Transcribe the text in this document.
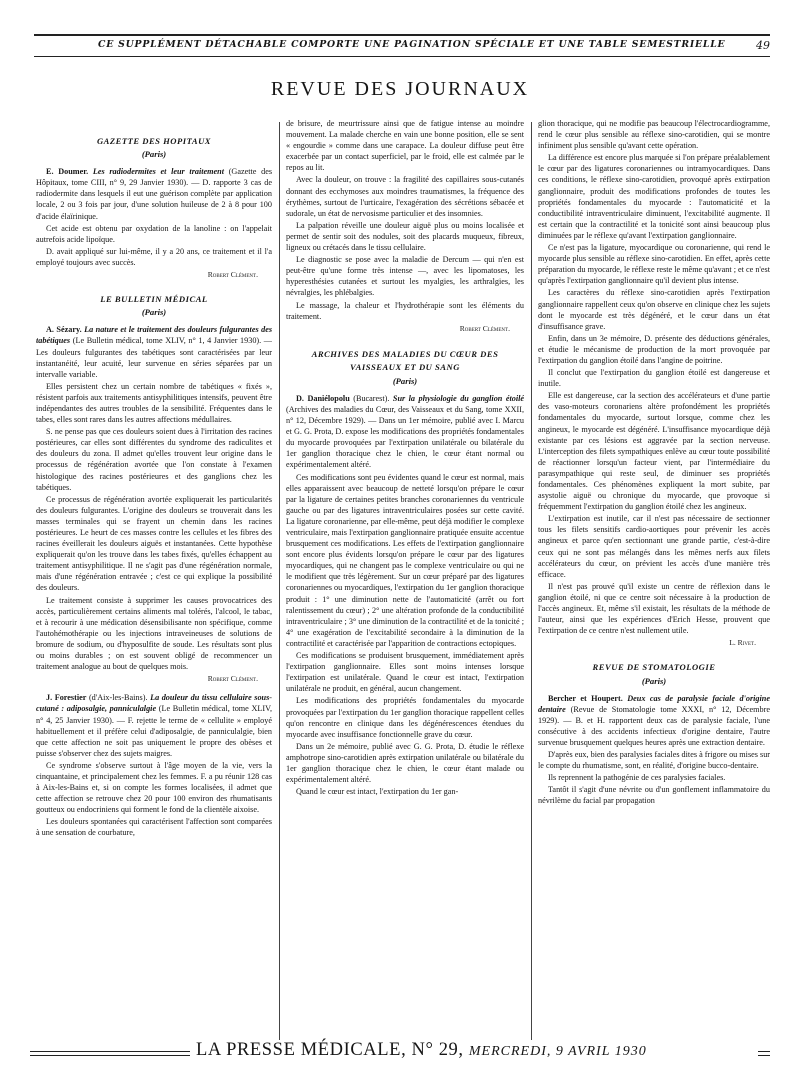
CE SUPPLÉMENT DÉTACHABLE COMPORTE UNE PAGINATION SPÉCIALE ET UNE TABLE SEMESTRIELLE	49
REVUE DES JOURNAUX
GAZETTE DES HOPITAUX
(Paris)

E. Doumer. Les radiodermites et leur traitement (Gazette des Hôpitaux, tome CIII, n° 9, 29 Janvier 1930). — D. rapporte 3 cas de radiodermite dans lesquels il eut une guérison complète par application locale, 2 ou 3 fois par jour, d'une solution huileuse de 2 à 8 pour 100 d'acide élaïrinique.

Cet acide est obtenu par oxydation de la lanoline : on l'appelait autrefois acide lipoïque.

D. avait appliqué sur lui-même, il y a 20 ans, ce traitement et il l'a employé toujours avec succès.

Robert Clément.
LE BULLETIN MÉDICAL
(Paris)

A. Sézary. La nature et le traitement des douleurs fulgurantes des tabétiques (Le Bulletin médical, tome XLIV, n° 1, 4 Janvier 1930). — Les douleurs fulgurantes des tabétiques sont caractérisées par leur instantanéité, leur acuité, leur survenue en séries séparées par un intervalle variable.

Elles persistent chez un certain nombre de tabétiques « fixés », résistent parfois aux traitements antisyphilitiques intensifs, peuvent être indépendantes des autres troubles de la sensibilité. Fréquentes dans le tabes, elles sont rares dans les autres affections médullaires.

S. ne pense pas que ces douleurs soient dues à l'irritation des racines postérieures, car elles sont différentes du syndrome des radiculites et des douleurs du zona. Il admet qu'elles trouvent leur origine dans le processus de régénération avortée que l'on constate à l'examen histologique des racines postérieures et des ganglions chez les tabétiques.

Ce processus de régénération avortée expliquerait les particularités des douleurs fulgurantes. L'origine des douleurs se trouverait dans les masses terminales qui se frayent un chemin dans les racines postérieures. Le heurt de ces masses contre les cellules et les fibres des racines éveillerait les douleurs aiguës et instantanées. Cette hypothèse expliquerait qu'on les trouve dans les tabes fixés, qu'elles échappent au traitement antisyphilitique. Il ne s'agit pas d'une régénération normale, mais d'une régénération entravée ; c'est ce qui explique la possibilité des douleurs.

Le traitement consiste à supprimer les causes provocatrices des accès, particulièrement certains aliments mal tolérés, l'alcool, le tabac, et à recourir à une médication désensibilisante non spécifique, comme l'autohémothérapie ou les injections intraveineuses de solutions de bromure de sodium, ou d'hyposulfite de soude. Les résultats sont plus ou moins durables ; on est souvent obligé de recommencer un traitement analogue au bout de quelques mois.

Robert Clément.

J. Forestier (d'Aix-les-Bains). La douleur du tissu cellulaire sous-cutané : adiposalgie, panniculalgie (Le Bulletin médical, tome XLIV, n° 4, 25 Janvier 1930). — F. rejette le terme de « cellulite » employé habituellement et il préfère celui d'adiposalgie, de panniculalgie, bien que cette affection ne soit pas uniquement le propre des obèses et puisse s'observer chez des sujets maigres.

Ce syndrome s'observe surtout à l'âge moyen de la vie, vers la cinquantaine, et principalement chez les femmes. F. a pu réunir 128 cas à Aix-les-Bains et, si on compte les formes localisées, il admet que cette affection se retrouve chez 20 pour 100 environ des rhumatisants goutteux ou endocriniens qui forment le fond de la clientèle aixoise.

Les douleurs spontanées qui caractérisent l'affection sont comparées à une sensation de courbature,

de brisure, de meurtrissure ainsi que de fatigue intense au moindre mouvement. La malade cherche en vain une bonne position, elle se sent « engourdie » comme dans une carapace. La douleur diffuse peut être exacerbée par un contact superficiel, par le froid, elle est calmée par le repos au lit.

Avec la douleur, on trouve : la fragilité des capillaires sous-cutanés donnant des ecchymoses aux moindres traumatismes, la fréquence des érythèmes, surtout de l'urticaire, l'exagération des sécrétions sébacée et sudorale, un état de nervosisme particulier et des insomnies.

La palpation réveille une douleur aiguë plus ou moins localisée et permet de sentir soit des nodules, soit des placards muqueux, fibreux, ligneux ou crétacés dans le tissu cellulaire.

Le diagnostic se pose avec la maladie de Dercum — qui n'en est peut-être qu'une forme très intense —, avec les lipomatoses, les hyperesthésies cutanées et surtout les myalgies, les arthralgies, les névralgies, les phlébalgies.

Le massage, la chaleur et l'hydrothérapie sont les éléments du traitement.

Robert Clément.
ARCHIVES DES MALADIES DU CŒUR DES VAISSEAUX ET DU SANG
(Paris)

D. Daniélopolu (Bucarest). Sur la physiologie du ganglion étoilé (Archives des maladies du Cœur, des Vaisseaux et du Sang, tome XXII, n° 12, Décembre 1929). — Dans un 1er mémoire, publié avec I. Marcu et G. G. Prota, D. expose les modifications des propriétés fondamentales du myocarde provoquées par l'extirpation unilatérale ou bilatérale du 1er ganglion thoracique chez le chien, le cœur étant normal ou expérimentalement altéré.

Ces modifications sont peu évidentes quand le cœur est normal, mais elles apparaissent avec beaucoup de netteté lorsqu'on prépare le cœur par la ligature de certaines petites branches coronariennes du ventricule gauche ou par des ligatures intraventriculaires posées sur cette cavité. La ligature coronarienne, par elle-même, peut déjà modifier le complexe ventriculaire, mais l'extirpation ganglionnaire pratiquée ensuite accentue brusquement ces modifications. Les effets de l'extirpation ganglionnaire sont encore plus évidents lorsqu'on prépare le cœur par des ligatures myocardiques, qui ne changent pas le complexe ventriculaire ou qui ne le modifient que très légèrement. Sur un cœur préparé par des ligatures coronariennes ou myocardiques, l'extirpation du 1er ganglion thoracique produit : 1° une diminution nette de l'automaticité (arrêt ou fort ralentissement du cœur) ; 2° une altération profonde de la conductibilité intraventriculaire ; 3° une diminution de la contractilité et de la tonicité ; 4° une exagération de l'excitabilité secondaire à la diminution de la contractilité et caractérisée par l'apparition de contractions ectopiques.

Ces modifications se produisent brusquement, immédiatement après l'extirpation ganglionnaire. Elles sont moins intenses lorsque l'extirpation est unilatérale. Quand le cœur est intact, l'extirpation unilatérale ne produit, en général, aucun changement.

Les modifications des propriétés fondamentales du myocarde provoquées par l'extirpation du 1er ganglion thoracique rappellent celles qu'on rencontre en clinique dans les dégénérescences étendues du myocarde avec insuffisance fonctionnelle grave du cœur.

Dans un 2e mémoire, publié avec G. G. Prota, D. étudie le réflexe amphotrope sino-carotidien après extirpation unilatérale ou bilatérale du 1er ganglion thoracique chez le chien, le cœur étant malade ou expérimentalement altéré.

Quand le cœur est intact, l'extirpation du 1er gan-

glion thoracique, qui ne modifie pas beaucoup l'électrocardiogramme, rend le cœur plus sensible au réflexe sino-carotidien, qui se montre infiniment plus sensible qu'avant cette opération.

La différence est encore plus marquée si l'on prépare préalablement le cœur par des ligatures coronariennes ou intramyocardiques. Dans ces conditions, le réflexe sino-carotidien, provoqué après extirpation ganglionnaire, produit des modifications profondes de toutes les propriétés fondamentales du myocarde : l'automaticité et la conductibilité intraventriculaire diminuent, l'excitabilité augmente. Il est certain que la contractilité et la tonicité sont ainsi beaucoup plus diminuées par le réflexe qu'avant l'extirpation ganglionnaire.

Ce n'est pas la ligature, myocardique ou coronarienne, qui rend le myocarde plus sensible au réflexe sino-carotidien. En effet, après cette préparation du myocarde, le réflexe reste le même qu'avant ; et ce n'est qu'après l'extirpation ganglionnaire qu'il devient plus intense.

Les caractères du réflexe sino-carotidien après l'extirpation ganglionnaire rappellent ceux qu'on observe en clinique chez les sujets dont le myocarde est très dégénéré, et le cœur dans un état d'insuffisance grave.

Enfin, dans un 3e mémoire, D. présente des déductions générales, et étudie le mécanisme de production de la mort provoquée par l'extirpation du ganglion étoilé dans l'angine de poitrine.

Il conclut que l'extirpation du ganglion étoilé est dangereuse et inutile.

Elle est dangereuse, car la section des accélérateurs et d'une partie des vaso-moteurs coronariens altère profondément les propriétés fondamentales du myocarde, surtout lorsque, comme chez les angineux, le myocarde est dégénéré. L'insuffisance myocardique déjà existante par ces lésions est aggravée par la section nerveuse. L'interception des filets sympathiques enlève au cœur toute possibilité de réactionner lorsqu'un facteur vient, par l'intermédiaire du parasympathique qui reste seul, de diminuer ses propriétés fondamentales. Ces phénomènes expliquent la mort subite, par asystolie aiguë ou chronique du myocarde, que provoque si fréquemment l'extirpation du ganglion étoilé chez les angineux.

L'extirpation est inutile, car il n'est pas nécessaire de sectionner tous les filets sensitifs cardio-aortiques pour prévenir les accès angineux et parce qu'en sectionnant une grande partie, c'est-à-dire ceux qui ne sont pas mélangés dans les mêmes nerfs aux filets accélérateurs du cœur, on prévient les accès d'une manière très efficace.

Il n'est pas prouvé qu'il existe un centre de réflexion dans le ganglion étoilé, ni que ce centre soit nécessaire à la production de l'accès angineux. Et, même s'il existait, les résultats de la méthode de l'auteur, ainsi que les expériences d'Erich Hesse, prouvent que l'extirpation de ce centre n'est nullement utile.

L. Rivet.
REVUE DE STOMATOLOGIE
(Paris)

Bercher et Houpert. Deux cas de paralysie faciale d'origine dentaire (Revue de Stomatologie tome XXXI, n° 12, Décembre 1929). — B. et H. rapportent deux cas de paralysie faciale, l'une consécutive à des accidents infectieux d'origine dentaire, l'autre survenue brusquement quelques heures après une extraction dentaire.

D'après eux, bien des paralysies faciales dites à frigore ou mises sur le compte du rhumatisme, sont, en réalité, d'origine bucco-dentaire.

Ils reprennent la pathogénie de ces paralysies faciales.

Tantôt il s'agit d'une névrite ou d'un gonflement inflammatoire du névrilème du facial par propagation

LA PRESSE MÉDICALE, N° 29, MERCREDI, 9 AVRIL 1930
